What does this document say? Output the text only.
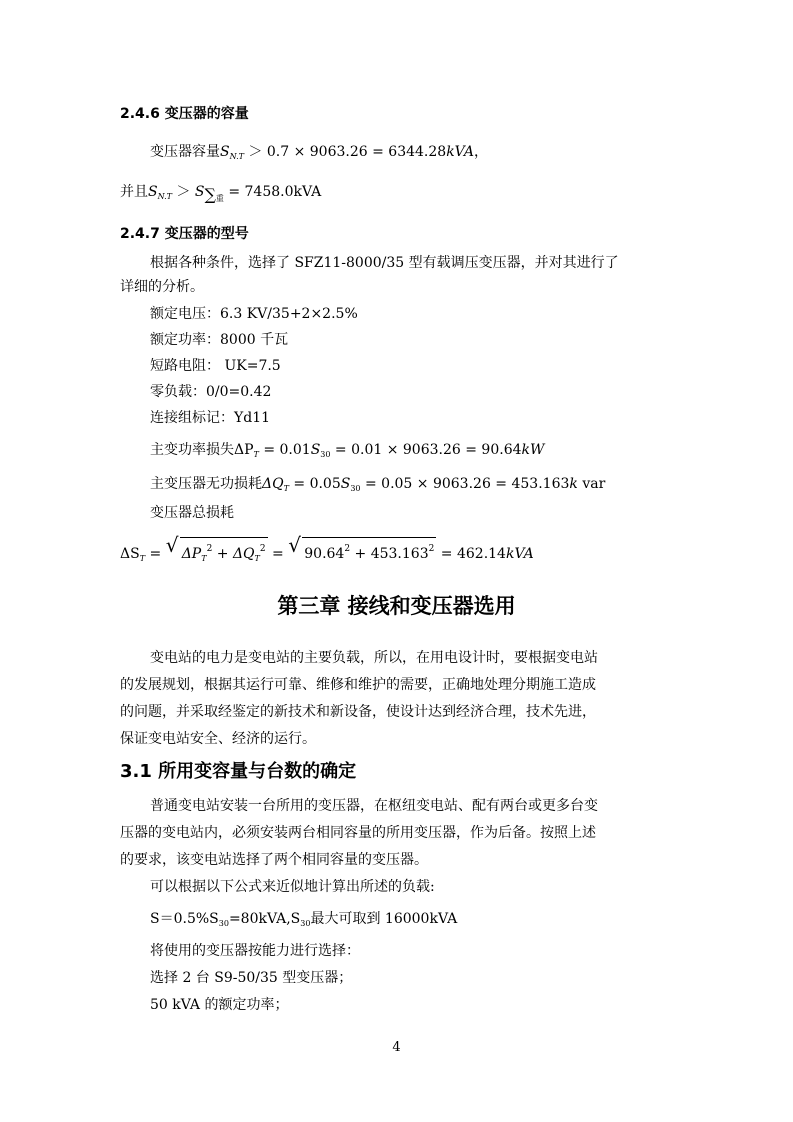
2.4.6 变压器的容量
变压器容量$S_{N.T} > 0.7 \times 9063.26 = 6344.28kVA$，
并且$S_{N.T} > S\sum_重 = 7458.0kVA$
2.4.7 变压器的型号
根据各种条件，选择了 SFZ11-8000/35 型有载调压变压器，并对其进行了
详细的分析。
额定电压：6.3 KV/35+2×2.5%
额定功率：8000 千瓦
短路电阻： UK=7.5
零负载：0/0=0.42
连接组标记：Yd11
主变功率损失$\Delta P_T = 0.01S_{30} = 0.01 \times 9063.26 = 90.64kW$
主变压器无功损耗$\Delta Q_T = 0.05S_{30} = 0.05 \times 9063.26 = 453.163k$ var
变压器总损耗
$\Delta S_T$ = √ $\Delta P_T^2 + \Delta Q_T^2$ = √ $90.64^2 + 453.163^2 = 462.14kVA$
第三章 接线和变压器选用
变电站的电力是变电站的主要负载，所以，在用电设计时，要根据变电站
的发展规划，根据其运行可靠、维修和维护的需要，正确地处理分期施工造成
的问题，并采取经鉴定的新技术和新设备，使设计达到经济合理，技术先进，
保证变电站安全、经济的运行。
3.1 所用变容量与台数的确定
普通变电站安装一台所用的变压器，在枢纽变电站、配有两台或更多台变
压器的变电站内，必须安装两台相同容量的所用变压器，作为后备。按照上述
的要求，该变电站选择了两个相同容量的变压器。
可以根据以下公式来近似地计算出所述的负载:
$S=0.5\%S_{30}=80kVA,S_{30}$最大可取到 16000kVA
将使用的变压器按能力进行选择：
选择 2 台 S9-50/35 型变压器；
50 kVA 的额定功率；
4
